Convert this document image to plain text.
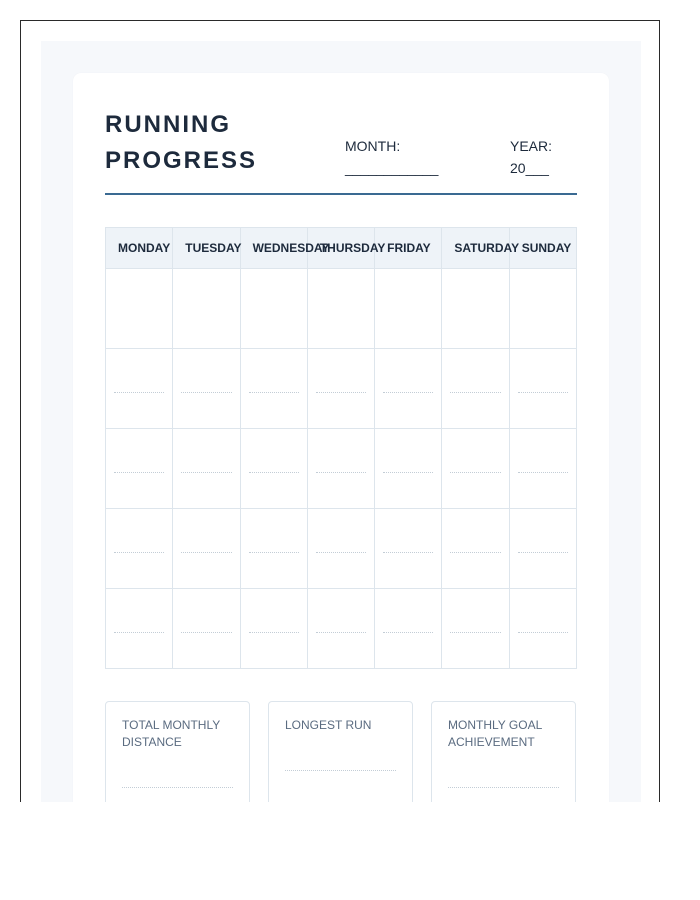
RUNNING
PROGRESS
MONTH:
____________
YEAR:
20___
MONDAY	TUESDAY	WEDNESDAY	THURSDAY	FRIDAY	SATURDAY	SUNDAY

TOTAL MONTHLY DISTANCE
LONGEST RUN	MONTHLY GOAL ACHIEVEMENT
